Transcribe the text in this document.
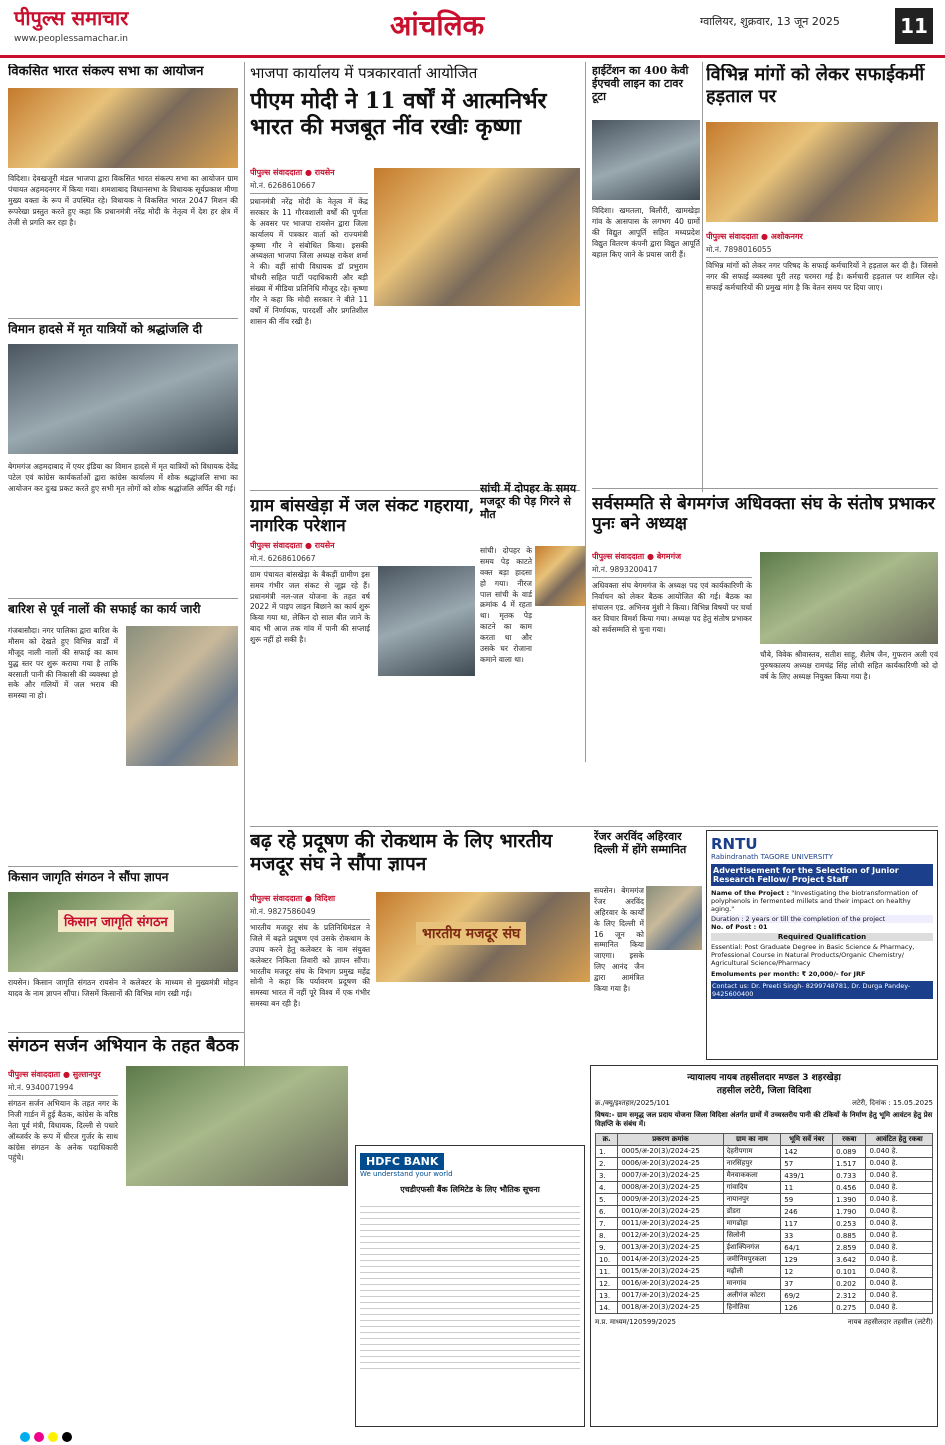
पीपुल्स समाचार
www.peoplessamachar.in	आंचलिक	ग्वालियर, शुक्रवार, 13 जून 2025	11
विकसित भारत संकल्प सभा का आयोजन
विदिशा। देवखजूरी मंडल भाजपा द्वारा विकसित भारत संकल्प सभा का आयोजन ग्राम पंचायत अहमदनगर में किया गया। शमशाबाद विधानसभा के विधायक सूर्यप्रकाश मीणा मुख्य वक्ता के रूप में उपस्थित रहे। विधायक ने विकसित भारत 2047 मिशन की रूपरेखा प्रस्तुत करते हुए कहा कि प्रधानमंत्री नरेंद्र मोदी के नेतृत्व में देश हर क्षेत्र में तेजी से प्रगति कर रहा है।
विमान हादसे में मृत यात्रियों को श्रद्धांजलि दी
बेगमगंज अहमदाबाद में एयर इंडिया का विमान हादसे में मृत यात्रियों को विधायक देवेंद्र पटेल एवं कांग्रेस कार्यकर्ताओं द्वारा कांग्रेस कार्यालय में शोक श्रद्धांजलि सभा का आयोजन कर दुःख प्रकट करते हुए सभी मृत लोगों को शोक श्रद्धांजलि अर्पित की गई।
बारिश से पूर्व नालों की सफाई का कार्य जारी
गंजबासौदा। नगर पालिका द्वारा बारिश के मौसम को देखते हुए विभिन्न वार्डों में मौजूद नाली नालों की सफाई का काम युद्ध स्तर पर शुरू कराया गया है ताकि बरसाती पानी की निकासी की व्यवस्था हो सके और गलियों में जल भराव की समस्या ना हो।
किसान जागृति संगठन ने सौंपा ज्ञापन
किसान जागृति संगठन
रायसेन। किसान जागृति संगठन रायसेन ने कलेक्टर के माध्यम से मुख्यमंत्री मोहन यादव के नाम ज्ञापन सौंपा। जिसमें किसानों की विभिन्न मांग रखी गई।
भाजपा कार्यालय में पत्रकारवार्ता आयोजित
पीएम मोदी ने 11 वर्षों में आत्मनिर्भर भारत की मजबूत नींव रखीः कृष्णा
पीपुल्स संवाददाता ● रायसेन
मो.नं. 6268610667
प्रधानमंत्री नरेंद्र मोदी के नेतृत्व में केंद्र सरकार के 11 गौरवशाली वर्षों की पूर्णता के अवसर पर भाजपा रायसेन द्वारा जिला कार्यालय में पत्रकार वार्ता को राज्यमंत्री कृष्णा गौर ने संबोधित किया। इसकी अध्यक्षता भाजपा जिला अध्यक्ष राकेश शर्मा ने की। वहीं सांची विधायक डॉ प्रभुराम चौधरी सहित पार्टी पदाधिकारी और बड़ी संख्या में मीडिया प्रतिनिधि मौजूद रहे। कृष्णा गौर ने कहा कि मोदी सरकार ने बीते 11 वर्षों में निर्णायक, पारदर्शी और प्रगतिशील शासन की नींव रखी है।
ग्राम बांसखेड़ा में जल संकट गहराया, नागरिक परेशान
पीपुल्स संवाददाता ● रायसेन
मो.नं. 6268610667
ग्राम पंचायत बांसखेड़ा के बैकड़ीं ग्रामीण इस समय गंभीर जल संकट से जूझ रहे हैं। प्रधानमंत्री नल-जल योजना के तहत वर्ष 2022 में पाइप लाइन बिछाने का कार्य शुरू किया गया था, लेकिन दो साल बीत जाने के बाद भी आज तक गांव में पानी की सप्लाई शुरू नहीं हो सकी है।
हाईटेंशन का 400 केवी ईएचवी लाइन का टावर टूटा
विदिशा। खमतला, बिलौरी, खामखेड़ा गांव के आसपास के लगभग 40 ग्रामों की विद्युत आपूर्ति सहित मध्यप्रदेश विद्युत वितरण कंपनी द्वारा विद्युत आपूर्ति बहाल किए जाने के प्रयास जारी हैं।
सांची में दोपहर के समय मजदूर की पेड़ गिरने से मौत
सांची। दोपहर के समय पेड़ काटते वक्त बड़ा हादसा हो गया। नीरज पाल सांची के वार्ड क्रमांक 4 में रहता था। मृतक पेड़ काटने का काम करता था और उसके घर रोजाना कमाने वाला था।
विभिन्न मांगों को लेकर सफाईकर्मी हड़ताल पर
पीपुल्स संवाददाता ● अशोकनगर
मो.नं. 7898016055
विभिन्न मांगों को लेकर नगर परिषद के सफाई कर्मचारियों ने हड़ताल कर दी है। जिससे नगर की सफाई व्यवस्था पूरी तरह चरमरा गई है। कर्मचारी हड़ताल पर शामिल रहे। सफाई कर्मचारियों की प्रमुख मांग है कि वेतन समय पर दिया जाए।
सर्वसम्मति से बेगमगंज अधिवक्ता संघ के संतोष प्रभाकर पुनः बने अध्यक्ष
पीपुल्स संवाददाता ● बेगमगंज
मो.नं. 9893200417
अधिवक्ता संघ बेगमगंज के अध्यक्ष पद एवं कार्यकारिणी के निर्वाचन को लेकर बैठक आयोजित की गई। बैठक का संचालन एड. अभिनव मुंशी ने किया। विभिन्न विषयों पर चर्चा कर विचार विमर्श किया गया। अध्यक्ष पद हेतु संतोष प्रभाकर को सर्वसम्मति से चुना गया।
चौबे, विवेक श्रीवास्तव, सतीश साहू, शैलेष जैन, गुफरान अली एवं पुरुषकालय अध्यक्ष रामचंद्र सिंह लोधी सहित कार्यकारिणी को दो वर्ष के लिए अध्यक्ष नियुक्त किया गया है।
बढ़ रहे प्रदूषण की रोकथाम के लिए भारतीय मजदूर संघ ने सौंपा ज्ञापन
पीपुल्स संवाददाता ● विदिशा
मो.नं. 9827586049
भारतीय मजदूर संघ के प्रतिनिधिमंडल ने जिले में बढ़ते प्रदूषण एवं उसके रोकथाम के उपाय करने हेतु कलेक्टर के नाम संयुक्त कलेक्टर निकिता तिवारी को ज्ञापन सौंपा। भारतीय मजदूर संघ के विभाग प्रमुख महेंद्र सोनी ने कहा कि पर्यावरण प्रदूषण की समस्या भारत में नहीं पूरे विश्व में एक गंभीर समस्या बन रही है।
भारतीय मजदूर संघ
रेंजर अरविंद अहिरवार दिल्ली में होंगे सम्मानित
सयसेन। बेगमगंज रेंजर अरविंद अहिरवार के कार्यों के लिए दिल्ली में 16 जून को सम्मानित किया जाएगा। इसके लिए आनंद जैन द्वारा आमंत्रित किया गया है।
RNTU
Rabindranath TAGORE UNIVERSITY
Advertisement for the Selection of Junior Research Fellow/ Project Staff
Name of the Project : "Investigating the biotransformation of polyphenols in fermented millets and their impact on healthy aging."
Duration : 2 years or till the completion of the project
No. of Post : 01
Required Qualification
Essential: Post Graduate Degree in Basic Science & Pharmacy, Professional Course in Natural Products/Organic Chemistry/ Agricultural Science/Pharmacy
Emoluments per month: ₹ 20,000/- for JRF
Contact us: Dr. Preeti Singh- 8299748781, Dr. Durga Pandey- 9425600400
संगठन सर्जन अभियान के तहत बैठक
पीपुल्स संवाददाता ● सुल्तानपुर
मो.नं. 9340071994
संगठन सर्जन अभियान के तहत नगर के निजी गार्डन में हुई बैठक, कांग्रेस के वरिष्ठ नेता पूर्व मंत्री, विधायक, दिल्ली से पधारे ऑब्जर्वर के रूप में धीरज गुर्जर के साथ कांग्रेस संगठन के अनेक पदाधिकारी पहुंचे।	HDFC BANK
We understand your world
एचडीएफसी बैंक लिमिटेड के लिए भौतिक सूचना
न्यायालय नायब तहसीलदार मण्डल 3 शहरखेड़ा
तहसील लटेरी, जिला विदिशा
क्र./क्यू/इश्तहार/2025/101	लटेरी, दिनांक : 15.05.2025
विषय:- ग्राम समृद्ध जल प्रदाय योजना जिला विदिशा अंतर्गत ग्रामों में उच्चस्तरीय पानी की टंकियों के निर्माण हेतु भूमि आवंटन हेतु प्रेस विज्ञप्ति के संबंध में।
क्र.	प्रकरण क्रमांक	ग्राम का नाम	भूमि सर्वे नंबर	रकबा	आवंटित हेतु रकबा
1.	0005/अ-20(3)/2024-25	देहरीपगाम	142	0.089	0.040 हे.
2.	0006/अ-20(3)/2024-25	नारसिंहपुर	57	1.517	0.040 हे.
3.	0007/अ-20(3)/2024-25	मैनवाककला	439/1	0.733	0.040 हे.
4.	0008/अ-20(3)/2024-25	गांवादिय	11	0.456	0.040 हे.
5.	0009/अ-20(3)/2024-25	नायानपुर	59	1.390	0.040 हे.
6.	0010/अ-20(3)/2024-25	डोंडरा	246	1.790	0.040 हे.
7.	0011/अ-20(3)/2024-25	मागढोहा	117	0.253	0.040 हे.
8.	0012/अ-20(3)/2024-25	सिलोनी	33	0.885	0.040 हे.
9.	0013/अ-20(3)/2024-25	ईशाक्पिनगंज	64/1	2.859	0.040 हे.
10.	0014/अ-20(3)/2024-25	जमीनिमपुरकला	129	3.642	0.040 हे.
11.	0015/अ-20(3)/2024-25	मढ़ौली	12	0.101	0.040 हे.
12.	0016/अ-20(3)/2024-25	मानगांव	37	0.202	0.040 हे.
13.	0017/अ-20(3)/2024-25	अलीगंज कोटरा	69/2	2.312	0.040 हे.
14.	0018/अ-20(3)/2024-25	हिनोतिया	126	0.275	0.040 हे.
म.प्र. माध्यम/120599/2025	नायब तहसीलदार तहसील (लटेरी)
